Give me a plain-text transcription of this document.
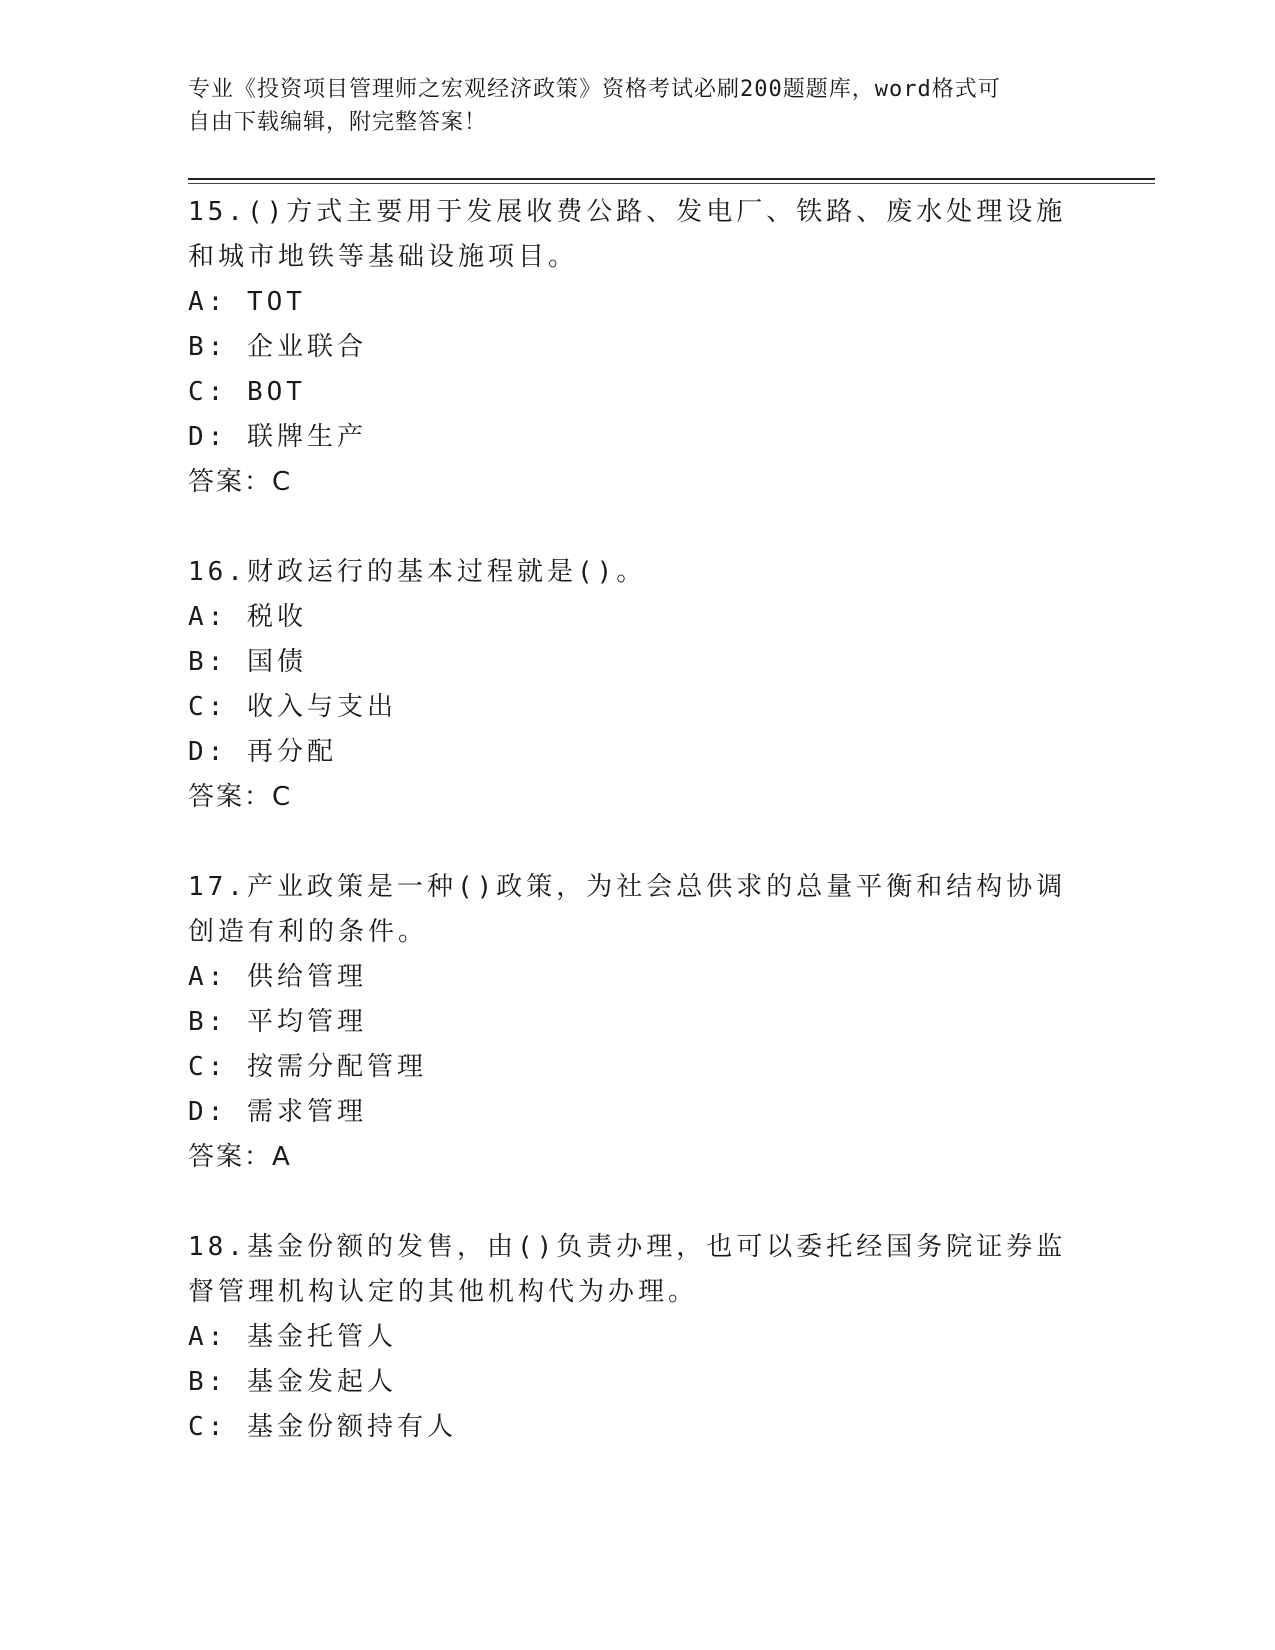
专业《投资项目管理师之宏观经济政策》资格考试必刷200题题库，word格式可
自由下载编辑，附完整答案！
15.()方式主要用于发展收费公路、发电厂、铁路、废水处理设施和城市地铁等基础设施项目。
A: TOT
B: 企业联合
C: BOT
D: 联牌生产
答案：C
16.财政运行的基本过程就是()。
A: 税收
B: 国债
C: 收入与支出
D: 再分配
答案：C
17.产业政策是一种()政策，为社会总供求的总量平衡和结构协调创造有利的条件。
A: 供给管理
B: 平均管理
C: 按需分配管理
D: 需求管理
答案：A
18.基金份额的发售，由()负责办理，也可以委托经国务院证券监督管理机构认定的其他机构代为办理。
A: 基金托管人
B: 基金发起人
C: 基金份额持有人
